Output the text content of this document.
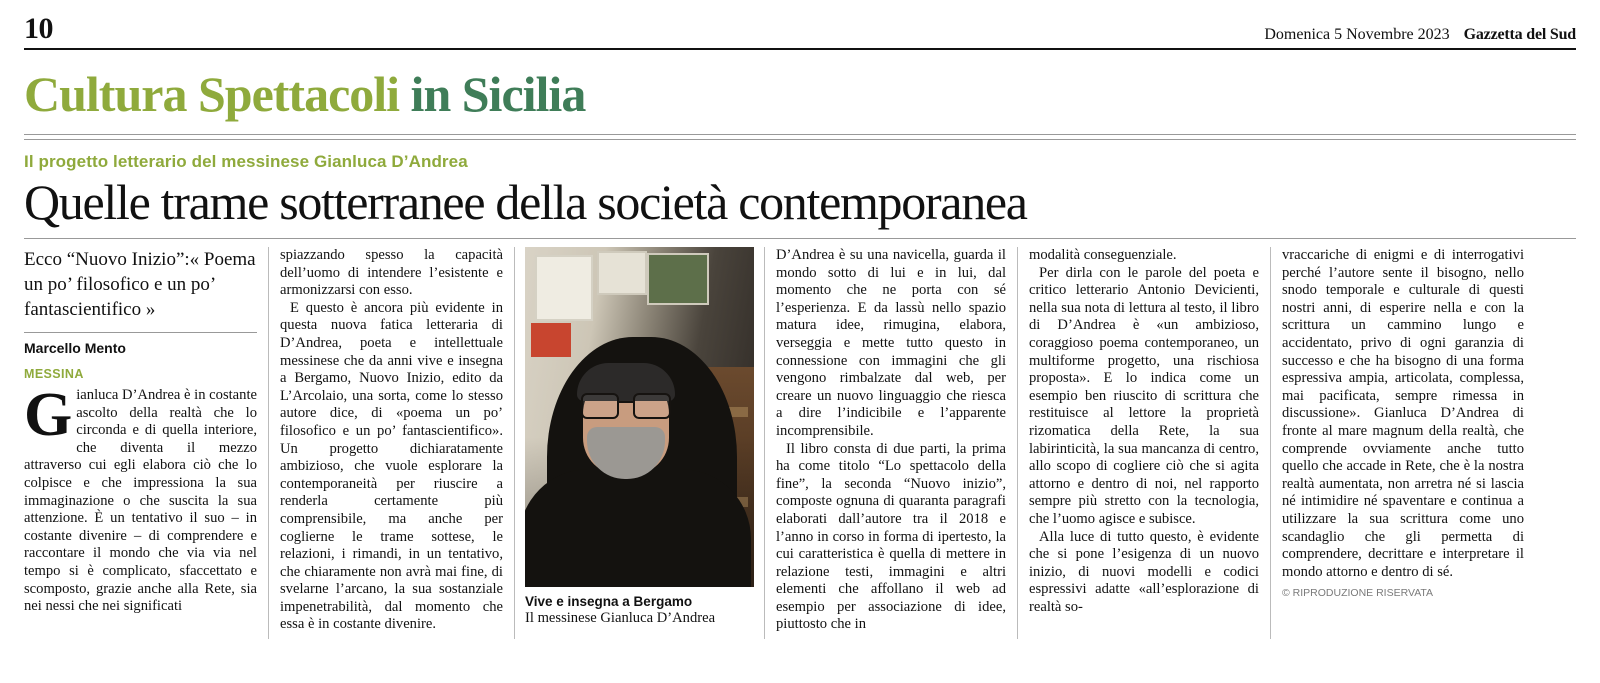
10	Domenica 5 Novembre 2023 Gazzetta del Sud
Cultura Spettacoli in Sicilia
Il progetto letterario del messinese Gianluca D’Andrea
Quelle trame sotterranee della società contemporanea
Ecco “Nuovo Inizio”:« Poema un po’ filosofico e un po’ fantascientifico »
Marcello Mento
MESSINA

Gianluca D’Andrea è in costante ascolto della realtà che lo circonda e di quella interiore, che diventa il mezzo attraverso cui egli elabora ciò che lo colpisce e che impressiona la sua immaginazione o che suscita la sua attenzione. È un tentativo il suo – in costante divenire – di comprendere e raccontare il mondo che via via nel tempo si è complicato, sfaccettato e scomposto, grazie anche alla Rete, sia nei nessi che nei significati

spiazzando spesso la capacità dell’uomo di intendere l’esistente e armonizzarsi con esso.

E questo è ancora più evidente in questa nuova fatica letteraria di D’Andrea, poeta e intellettuale messinese che da anni vive e insegna a Bergamo, Nuovo Inizio, edito da L’Arcolaio, una sorta, come lo stesso autore dice, di «poema un po’ filosofico e un po’ fantascientifico». Un progetto dichiaratamente ambizioso, che vuole esplorare la contemporaneità per riuscire a renderla certamente più comprensibile, ma anche per coglierne le trame sottese, le relazioni, i rimandi, in un tentativo, che chiaramente non avrà mai fine, di svelarne l’arcano, la sua sostanziale impenetrabilità, dal momento che essa è in costante divenire.

Vive e insegna a Bergamo
Il messinese Gianluca D’Andrea

D’Andrea è su una navicella, guarda il mondo sotto di lui e in lui, dal momento che ne porta con sé l’esperienza. E da lassù nello spazio matura idee, rimugina, elabora, verseggia e mette tutto questo in connessione con immagini che gli vengono rimbalzate dal web, per creare un nuovo linguaggio che riesca a dire l’indicibile e l’apparente incomprensibile.

Il libro consta di due parti, la prima ha come titolo “Lo spettacolo della fine”, la seconda “Nuovo inizio”, composte ognuna di quaranta paragrafi elaborati dall’autore tra il 2018 e l’anno in corso in forma di ipertesto, la cui caratteristica è quella di mettere in relazione testi, immagini e altri elementi che affollano il web ad esempio per associazione di idee, piuttosto che in

modalità conseguenziale.

Per dirla con le parole del poeta e critico letterario Antonio Devicienti, nella sua nota di lettura al testo, il libro di D’Andrea è «un ambizioso, coraggioso poema contemporaneo, un multiforme progetto, una rischiosa proposta». E lo indica come un esempio ben riuscito di scrittura che restituisce al lettore la proprietà rizomatica della Rete, la sua labirinticità, la sua mancanza di centro, allo scopo di cogliere ciò che si agita attorno e dentro di noi, nel rapporto sempre più stretto con la tecnologia, che l’uomo agisce e subisce.

Alla luce di tutto questo, è evidente che si pone l’esigenza di un nuovo inizio, di nuovi modelli e codici espressivi adatte «all’esplorazione di realtà so-

vraccariche di enigmi e di interrogativi perché l’autore sente il bisogno, nello snodo temporale e culturale di questi nostri anni, di esperire nella e con la scrittura un cammino lungo e accidentato, privo di ogni garanzia di successo e che ha bisogno di una forma espressiva ampia, articolata, complessa, mai pacificata, sempre rimessa in discussione». Gianluca D’Andrea di fronte al mare magnum della realtà, che comprende ovviamente anche tutto quello che accade in Rete, che è la nostra realtà aumentata, non arretra né si lascia né intimidire né spaventare e continua a utilizzare la sua scrittura come uno scandaglio che gli permetta di comprendere, decrittare e interpretare il mondo attorno e dentro di sé.

© RIPRODUZIONE RISERVATA
